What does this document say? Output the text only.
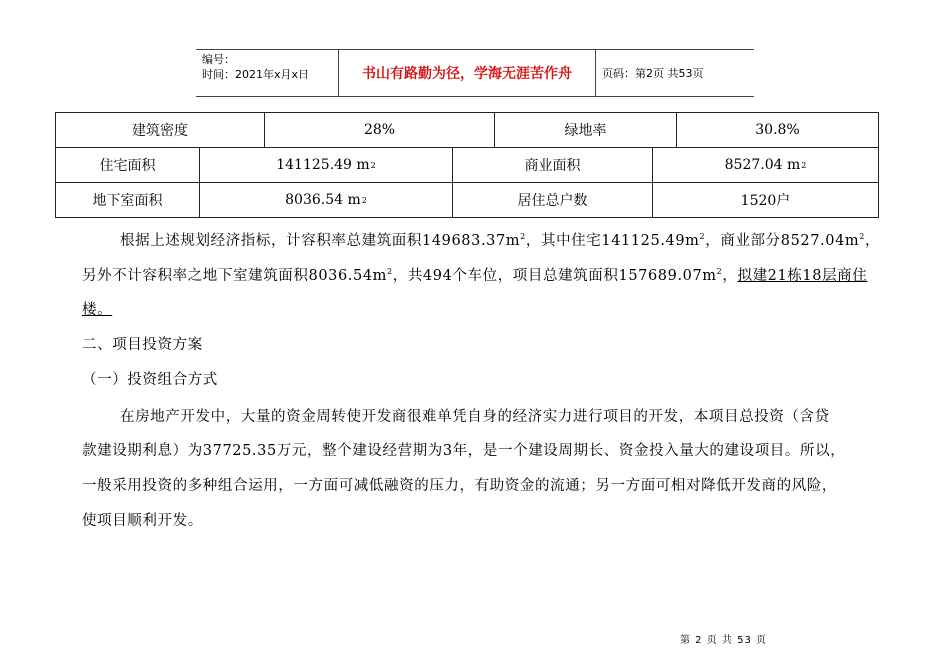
编号：
时间：2021年x月x日	书山有路勤为径，学海无涯苦作舟	页码：第2页 共53页
建筑密度	28%	绿地率	30.8%
住宅面积	141125.49 m 2	商业面积	8527.04 m 2
地下室面积	8036.54 m 2	居住总户数	1520户
根据上述规划经济指标，计容积率总建筑面积$149683.37m^2$，其中住宅$141125.49m^2$，商业部分$8527.04m^2$，
另外不计容积率之地下室建筑面积$8036.54m^2$，共494个车位，项目总建筑面积$157689.07m^2$，拟建21栋18层商住
楼。
二、项目投资方案
（一）投资组合方式
在房地产开发中，大量的资金周转使开发商很难单凭自身的经济实力进行项目的开发，本项目总投资（含贷
款建设期利息）为37725.35万元，整个建设经营期为3年，是一个建设周期长、资金投入量大的建设项目。所以，
一般采用投资的多种组合运用，一方面可减低融资的压力，有助资金的流通；另一方面可相对降低开发商的风险，
使项目顺利开发。
第 2 页 共 53 页
